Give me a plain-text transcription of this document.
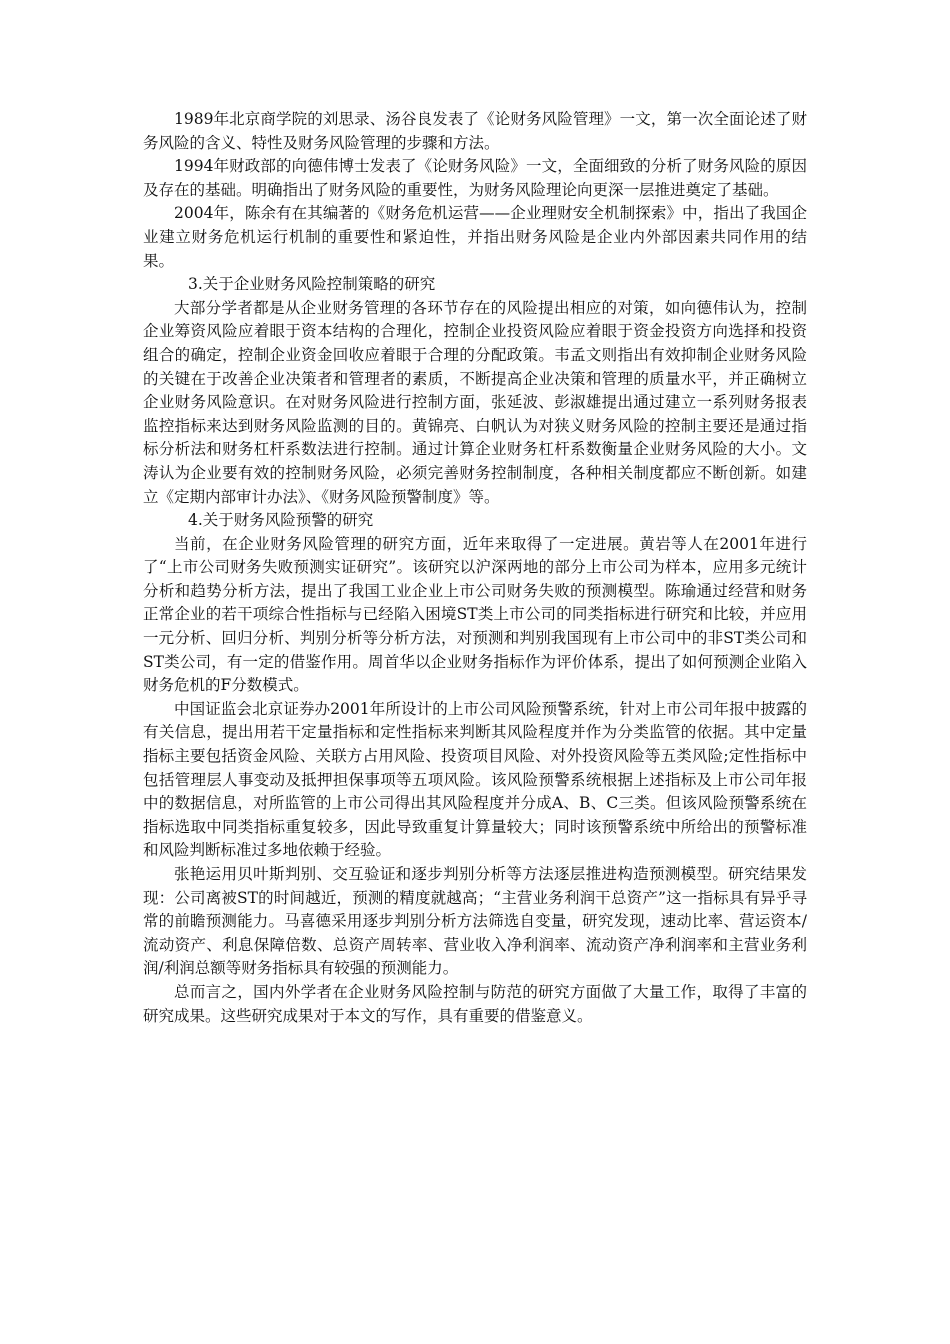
1989年北京商学院的刘思录、汤谷良发表了《论财务风险管理》一文，第一次全面论述了财务风险的含义、特性及财务风险管理的步骤和方法。

1994年财政部的向德伟博士发表了《论财务风险》一文，全面细致的分析了财务风险的原因及存在的基础。明确指出了财务风险的重要性，为财务风险理论向更深一层推进奠定了基础。

2004年，陈余有在其编著的《财务危机运营——企业理财安全机制探索》中，指出了我国企业建立财务危机运行机制的重要性和紧迫性，并指出财务风险是企业内外部因素共同作用的结果。

3.关于企业财务风险控制策略的研究

大部分学者都是从企业财务管理的各环节存在的风险提出相应的对策，如向德伟认为，控制企业筹资风险应着眼于资本结构的合理化，控制企业投资风险应着眼于资金投资方向选择和投资组合的确定，控制企业资金回收应着眼于合理的分配政策。韦孟文则指出有效抑制企业财务风险的关键在于改善企业决策者和管理者的素质，不断提高企业决策和管理的质量水平，并正确树立企业财务风险意识。在对财务风险进行控制方面，张延波、彭淑雄提出通过建立一系列财务报表监控指标来达到财务风险监测的目的。黄锦亮、白帆认为对狭义财务风险的控制主要还是通过指标分析法和财务杠杆系数法进行控制。通过计算企业财务杠杆系数衡量企业财务风险的大小。文涛认为企业要有效的控制财务风险，必须完善财务控制制度，各种相关制度都应不断创新。如建立《定期内部审计办法》、《财务风险预警制度》等。

4.关于财务风险预警的研究

当前，在企业财务风险管理的研究方面，近年来取得了一定进展。黄岩等人在2001年进行了“上市公司财务失败预测实证研究”。该研究以沪深两地的部分上市公司为样本，应用多元统计分析和趋势分析方法，提出了我国工业企业上市公司财务失败的预测模型。陈瑜通过经营和财务正常企业的若干项综合性指标与已经陷入困境ST类上市公司的同类指标进行研究和比较，并应用一元分析、回归分析、判别分析等分析方法，对预测和判别我国现有上市公司中的非ST类公司和ST类公司，有一定的借鉴作用。周首华以企业财务指标作为评价体系，提出了如何预测企业陷入财务危机的F分数模式。

中国证监会北京证券办2001年所设计的上市公司风险预警系统，针对上市公司年报中披露的有关信息，提出用若干定量指标和定性指标来判断其风险程度并作为分类监管的依据。其中定量指标主要包括资金风险、关联方占用风险、投资项目风险、对外投资风险等五类风险;定性指标中包括管理层人事变动及抵押担保事项等五项风险。该风险预警系统根据上述指标及上市公司年报中的数据信息，对所监管的上市公司得出其风险程度并分成A、B、C三类。但该风险预警系统在指标选取中同类指标重复较多，因此导致重复计算量较大；同时该预警系统中所给出的预警标准和风险判断标准过多地依赖于经验。

张艳运用贝叶斯判别、交互验证和逐步判别分析等方法逐层推进构造预测模型。研究结果发现：公司离被ST的时间越近，预测的精度就越高；“主营业务利润干总资产”这一指标具有异乎寻常的前瞻预测能力。马喜德采用逐步判别分析方法筛选自变量，研究发现，速动比率、营运资本/流动资产、利息保障倍数、总资产周转率、营业收入净利润率、流动资产净利润率和主营业务利润/利润总额等财务指标具有较强的预测能力。

总而言之，国内外学者在企业财务风险控制与防范的研究方面做了大量工作，取得了丰富的研究成果。这些研究成果对于本文的写作，具有重要的借鉴意义。
